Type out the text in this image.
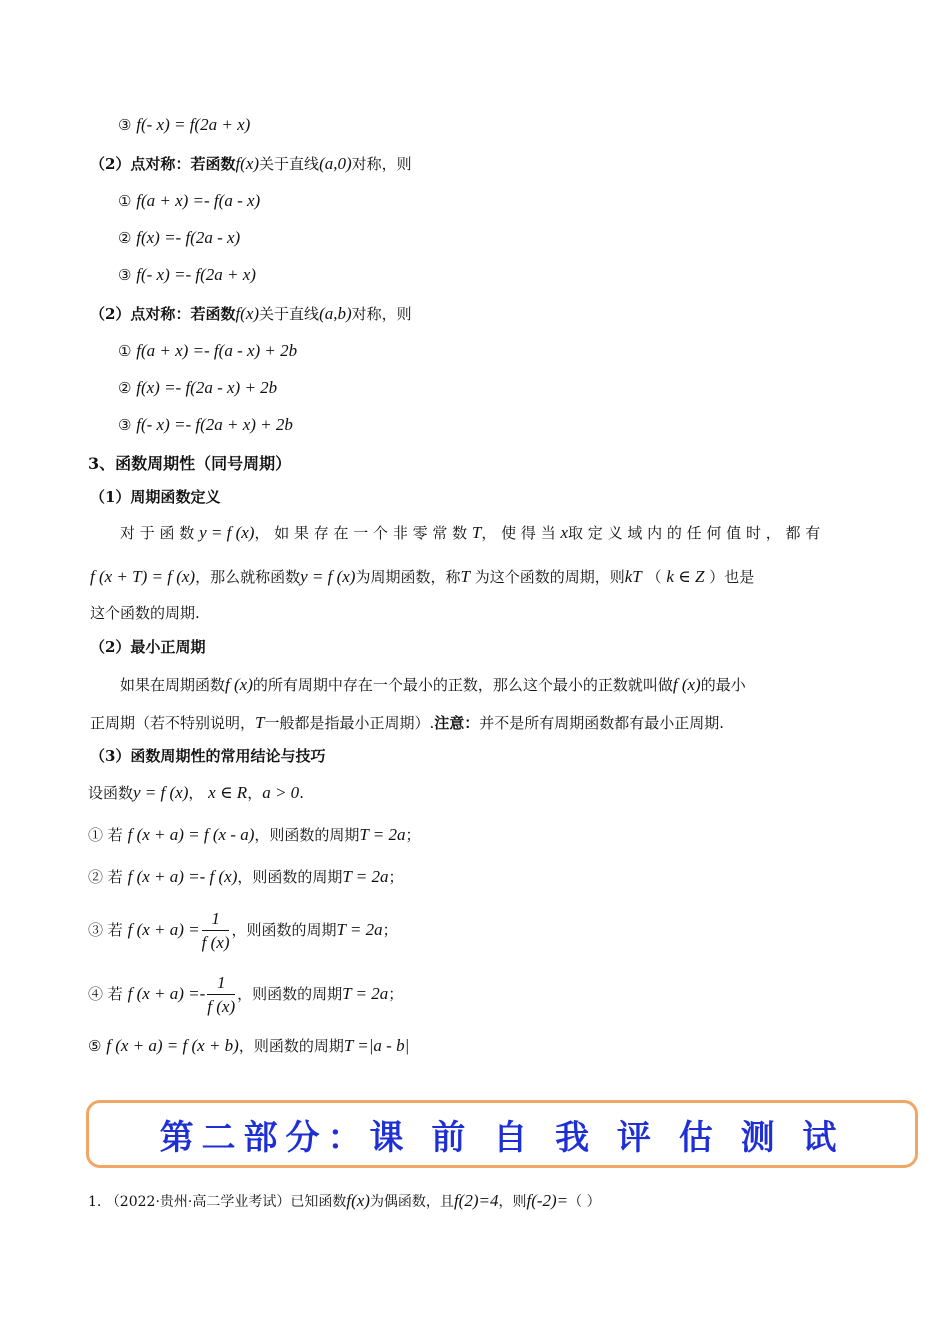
③ f(- x) = f(2a + x)
（2）点对称：若函数f(x)关于直线(a,0)对称，则
① f(a + x) =- f(a - x)
② f(x) =- f(2a - x)
③ f(- x) =- f(2a + x)
（2）点对称：若函数f(x)关于直线(a,b)对称，则
① f(a + x) =- f(a - x) + 2b
② f(x) =- f(2a - x) + 2b
③ f(- x) =- f(2a + x) + 2b
3、函数周期性（同号周期）
（1）周期函数定义
对 于 函 数 y = f (x)， 如 果 存 在 一 个 非 零 常 数 T， 使 得 当 x取 定 义 域 内 的 任 何 值 时 ， 都 有
f (x + T) = f (x)，那么就称函数y = f (x)为周期函数，称T 为这个函数的周期，则kT （ k ∈ Z ）也是
这个函数的周期.
（2）最小正周期
如果在周期函数f (x)的所有周期中存在一个最小的正数，那么这个最小的正数就叫做f (x)的最小
正周期（若不特别说明，T一般都是指最小正周期）.注意：并不是所有周期函数都有最小正周期.
（3）函数周期性的常用结论与技巧
设函数y = f (x)， x ∈ R，a > 0.
① 若 f (x + a) = f (x - a)，则函数的周期T = 2a；
② 若 f (x + a) =- f (x)，则函数的周期T = 2a；
③ 若 f $(x + a) = \frac{1}{f (x)}$ ，则函数的周期T = 2a；
④ 若 f $(x + a) =- \frac{1}{f (x)}$ ，则函数的周期T = 2a；
⑤ f (x + a) = f (x + b)，则函数的周期T =|a - b|
第二部分：课 前 自 我 评 估 测 试
1. （2022·贵州·高二学业考试）已知函数f(x)为偶函数，且f(2)=4，则f(-2)=（ ）
